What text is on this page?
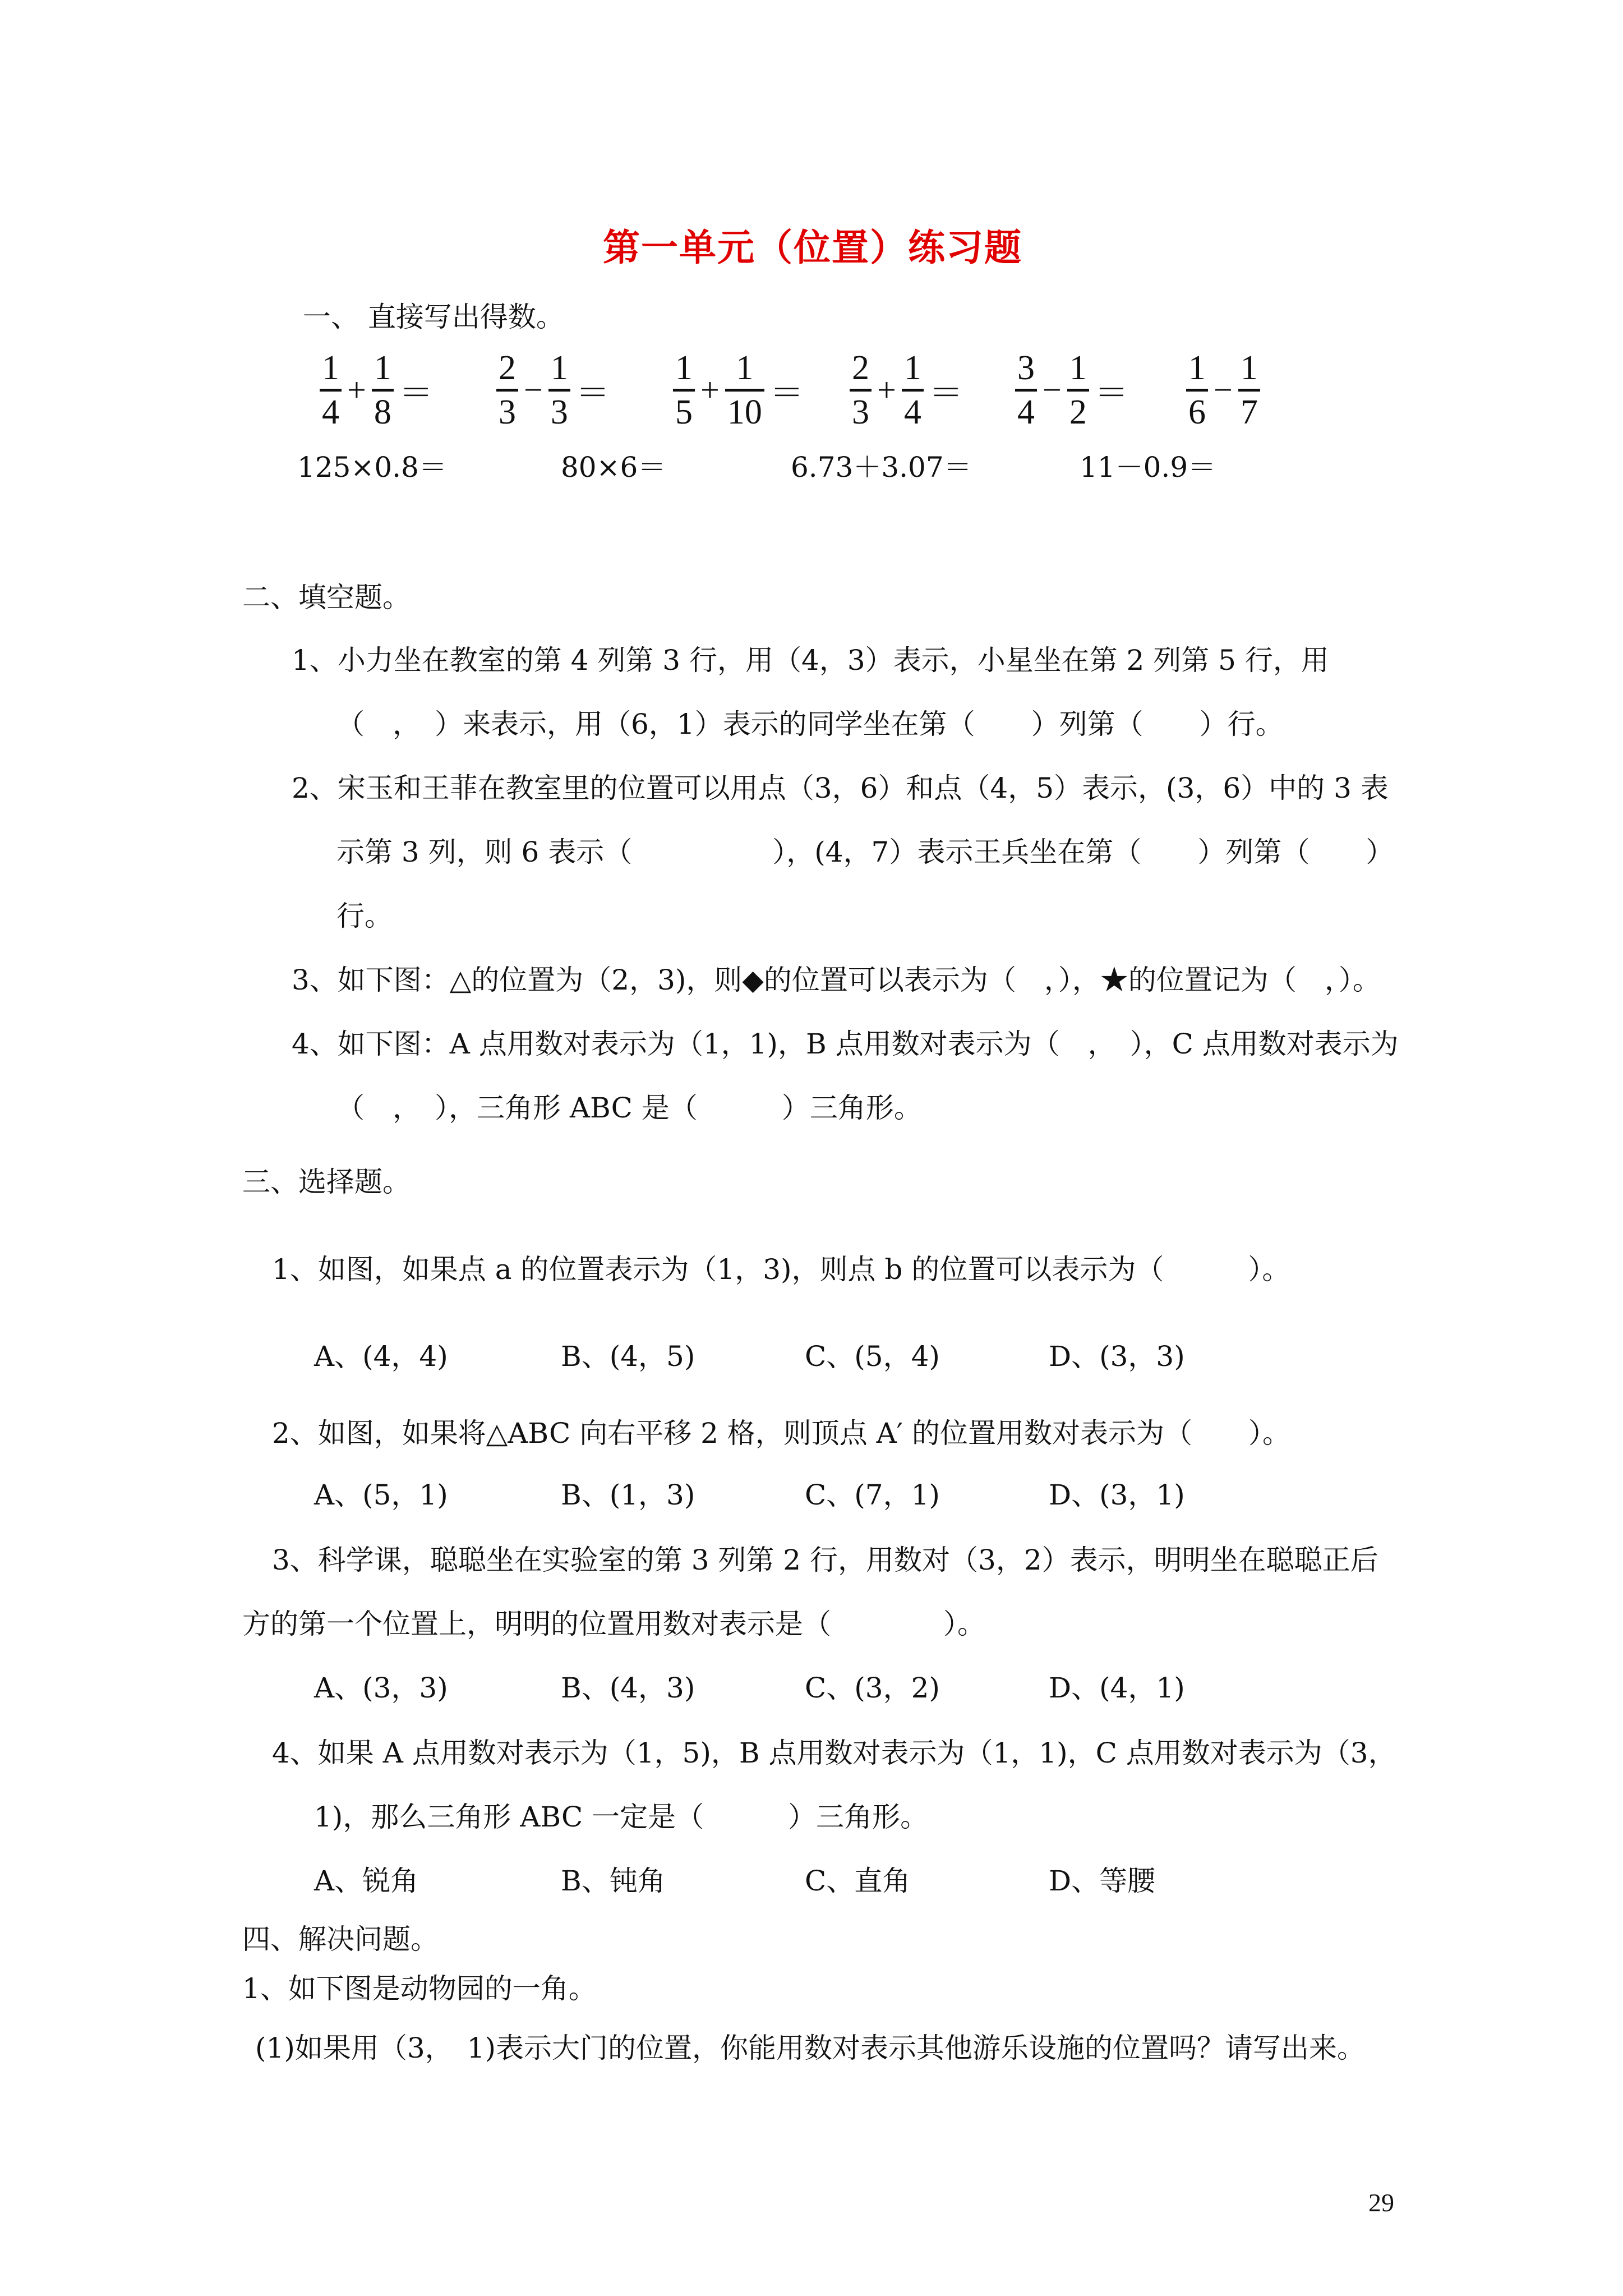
第一单元（位置）练习题
一、 直接写出得数。
1
4
+
1
8
＝
2
3
−
1
3
＝
1
5
+
1
10
＝
2
3
+
1
4
＝
3
4
−
1
2
＝
1
6
−
1
7
125×0.8＝	80×6＝	6.73＋3.07＝	11－0.9＝
二、填空题。
1、小力坐在教室的第 4 列第 3 行，用（4，3）表示，小星坐在第 2 列第 5 行，用
（　，　）来表示，用（6，1）表示的同学坐在第（　　）列第（　　）行。
2、宋玉和王菲在教室里的位置可以用点（3，6）和点（4，5）表示，(3，6）中的 3 表
示第 3 列，则 6 表示（　　　　　），(4，7）表示王兵坐在第（　　）列第（　　）
行。
3、如下图：△的位置为（2，3)，则◆的位置可以表示为（　，），★的位置记为（　，）。
4、如下图：A 点用数对表示为（1，1)，B 点用数对表示为（　，　），C 点用数对表示为
（　，　），三角形 ABC 是（　　　）三角形。
三、选择题。
1、如图，如果点 a 的位置表示为（1，3)，则点 b 的位置可以表示为（　　　）。
A、(4，4)	B、(4，5)	C、(5，4)	D、(3，3)
2、如图，如果将△ABC 向右平移 2 格，则顶点 A′ 的位置用数对表示为（　　）。
A、(5，1)	B、(1，3)	C、(7，1)	D、(3，1)
3、科学课，聪聪坐在实验室的第 3 列第 2 行，用数对（3，2）表示，明明坐在聪聪正后
方的第一个位置上，明明的位置用数对表示是（　　　　）。
A、(3，3)	B、(4，3)	C、(3，2)	D、(4，1)
4、如果 A 点用数对表示为（1，5)，B 点用数对表示为（1，1)，C 点用数对表示为（3，
1)，那么三角形 ABC 一定是（　　　）三角形。
A、锐角	B、钝角	C、直角	D、等腰
四、解决问题。
1、如下图是动物园的一角。
(1)如果用（3，　1)表示大门的位置，你能用数对表示其他游乐设施的位置吗？请写出来。
29
